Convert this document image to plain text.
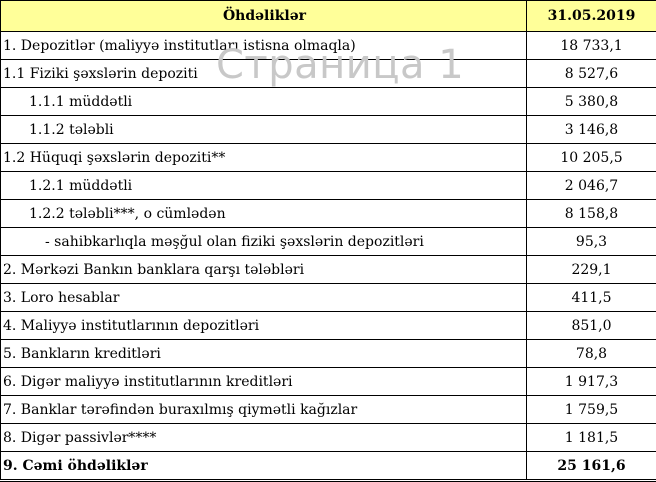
Öhdəliklər	31.05.2019
1. Depozitlər (maliyyə institutları istisna olmaqla)	18 733,1
1.1 Fiziki şəxslərin depoziti	8 527,6
1.1.1 müddətli	5 380,8
1.1.2 tələbli	3 146,8
1.2 Hüquqi şəxslərin depoziti**	10 205,5
1.2.1 müddətli	2 046,7
1.2.2 tələbli***, o cümlədən	8 158,8
- sahibkarlıqla məşğul olan fiziki şəxslərin depozitləri	95,3
2. Mərkəzi Bankın banklara qarşı tələbləri	229,1
3. Loro hesablar	411,5
4. Maliyyə institutlarının depozitləri	851,0
5. Bankların kreditləri	78,8
6. Digər maliyyə institutlarının kreditləri	1 917,3
7. Banklar tərəfindən buraxılmış qiymətli kağızlar	1 759,5
8. Digər passivlər****	1 181,5
9. Cəmi öhdəliklər	25 161,6
Страница 1
